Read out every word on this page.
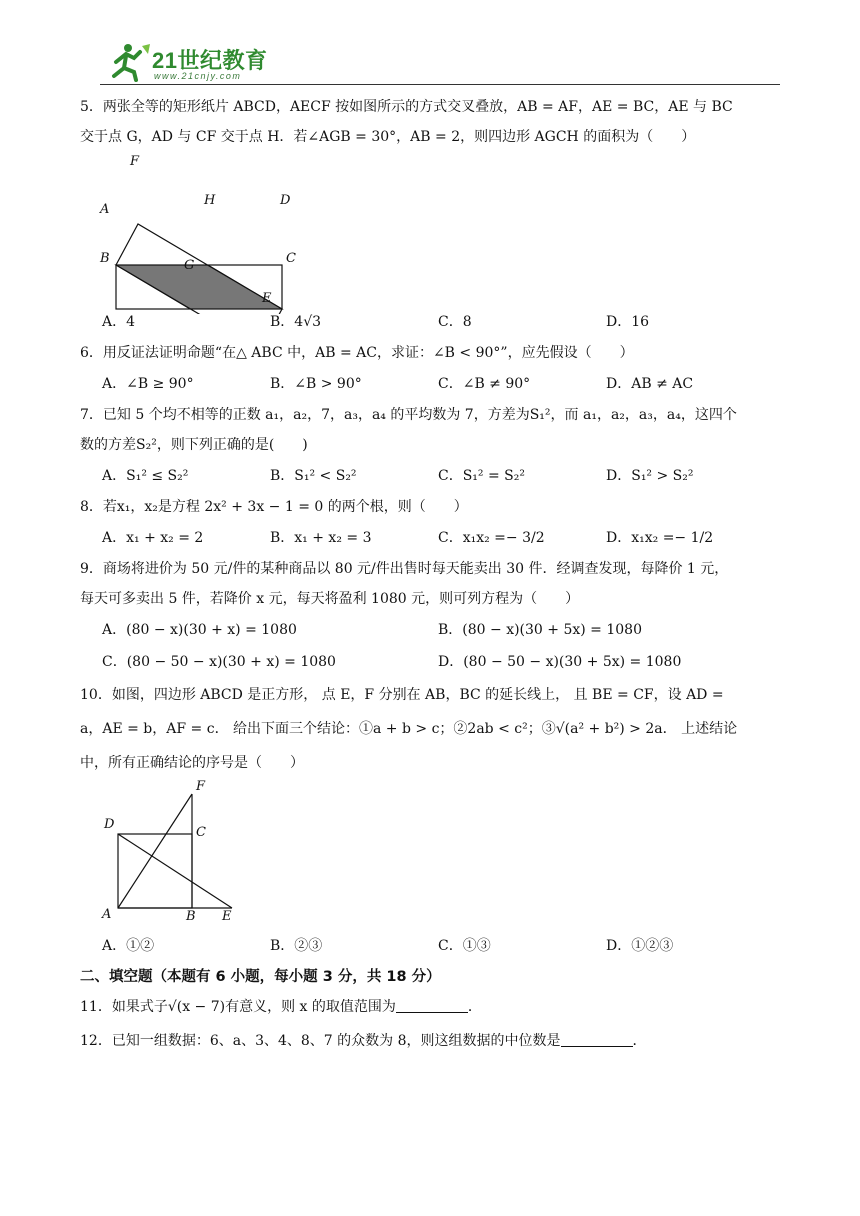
21世纪教育
www.21cnjy.com

5．两张全等的矩形纸片 ABCD，AECF 按如图所示的方式交叉叠放，AB = AF，AE = BC，AE 与 BC

交于点 G，AD 与 CF 交于点 H．若∠AGB = 30°，AB = 2，则四边形 AGCH 的面积为（　　）

A．4	B．4√3	C．8	D．16

6．用反证法证明命题“在△ ABC 中，AB = AC，求证：∠B < 90°”，应先假设（　　）

A．∠B ≥ 90°	B．∠B > 90°	C．∠B ≠ 90°	D．AB ≠ AC

7．已知 5 个均不相等的正数 a₁，a₂，7，a₃，a₄ 的平均数为 7，方差为S₁²，而 a₁，a₂，a₃，a₄，这四个

数的方差S₂²，则下列正确的是(　　)

A．S₁² ≤ S₂²	B．S₁² < S₂²	C．S₁² = S₂²	D．S₁² > S₂²

8．若x₁，x₂是方程 2x² + 3x − 1 = 0 的两个根，则（　　）

A．x₁ + x₂ = 2	B．x₁ + x₂ = 3	C．x₁x₂ =− 3/2	D．x₁x₂ =− 1/2

9．商场将进价为 50 元/件的某种商品以 80 元/件出售时每天能卖出 30 件．经调查发现，每降价 1 元，

每天可多卖出 5 件，若降价 x 元，每天将盈利 1080 元，则可列方程为（　　）

A．(80 − x)(30 + x) = 1080	B．(80 − x)(30 + 5x) = 1080
C．(80 − 50 − x)(30 + x) = 1080	D．(80 − 50 − x)(30 + 5x) = 1080

10．如图，四边形 ABCD 是正方形， 点 E，F 分别在 AB，BC 的延长线上， 且 BE = CF，设 AD =

a，AE = b，AF = c． 给出下面三个结论：①a + b > c；②2ab < c²；③√(a² + b²) > 2a． 上述结论

中，所有正确结论的序号是（　　）

F
D
C
A	B E
A．①②	B．②③	C．①③	D．①②③

二、填空题（本题有 6 小题，每小题 3 分，共 18 分）

11．如果式子√(x − 7)有意义，则 x 的取值范围为	．

12．已知一组数据：6、a、3、4、8、7 的众数为 8，则这组数据的中位数是	．

F
A
H	D
B	G	C
E
